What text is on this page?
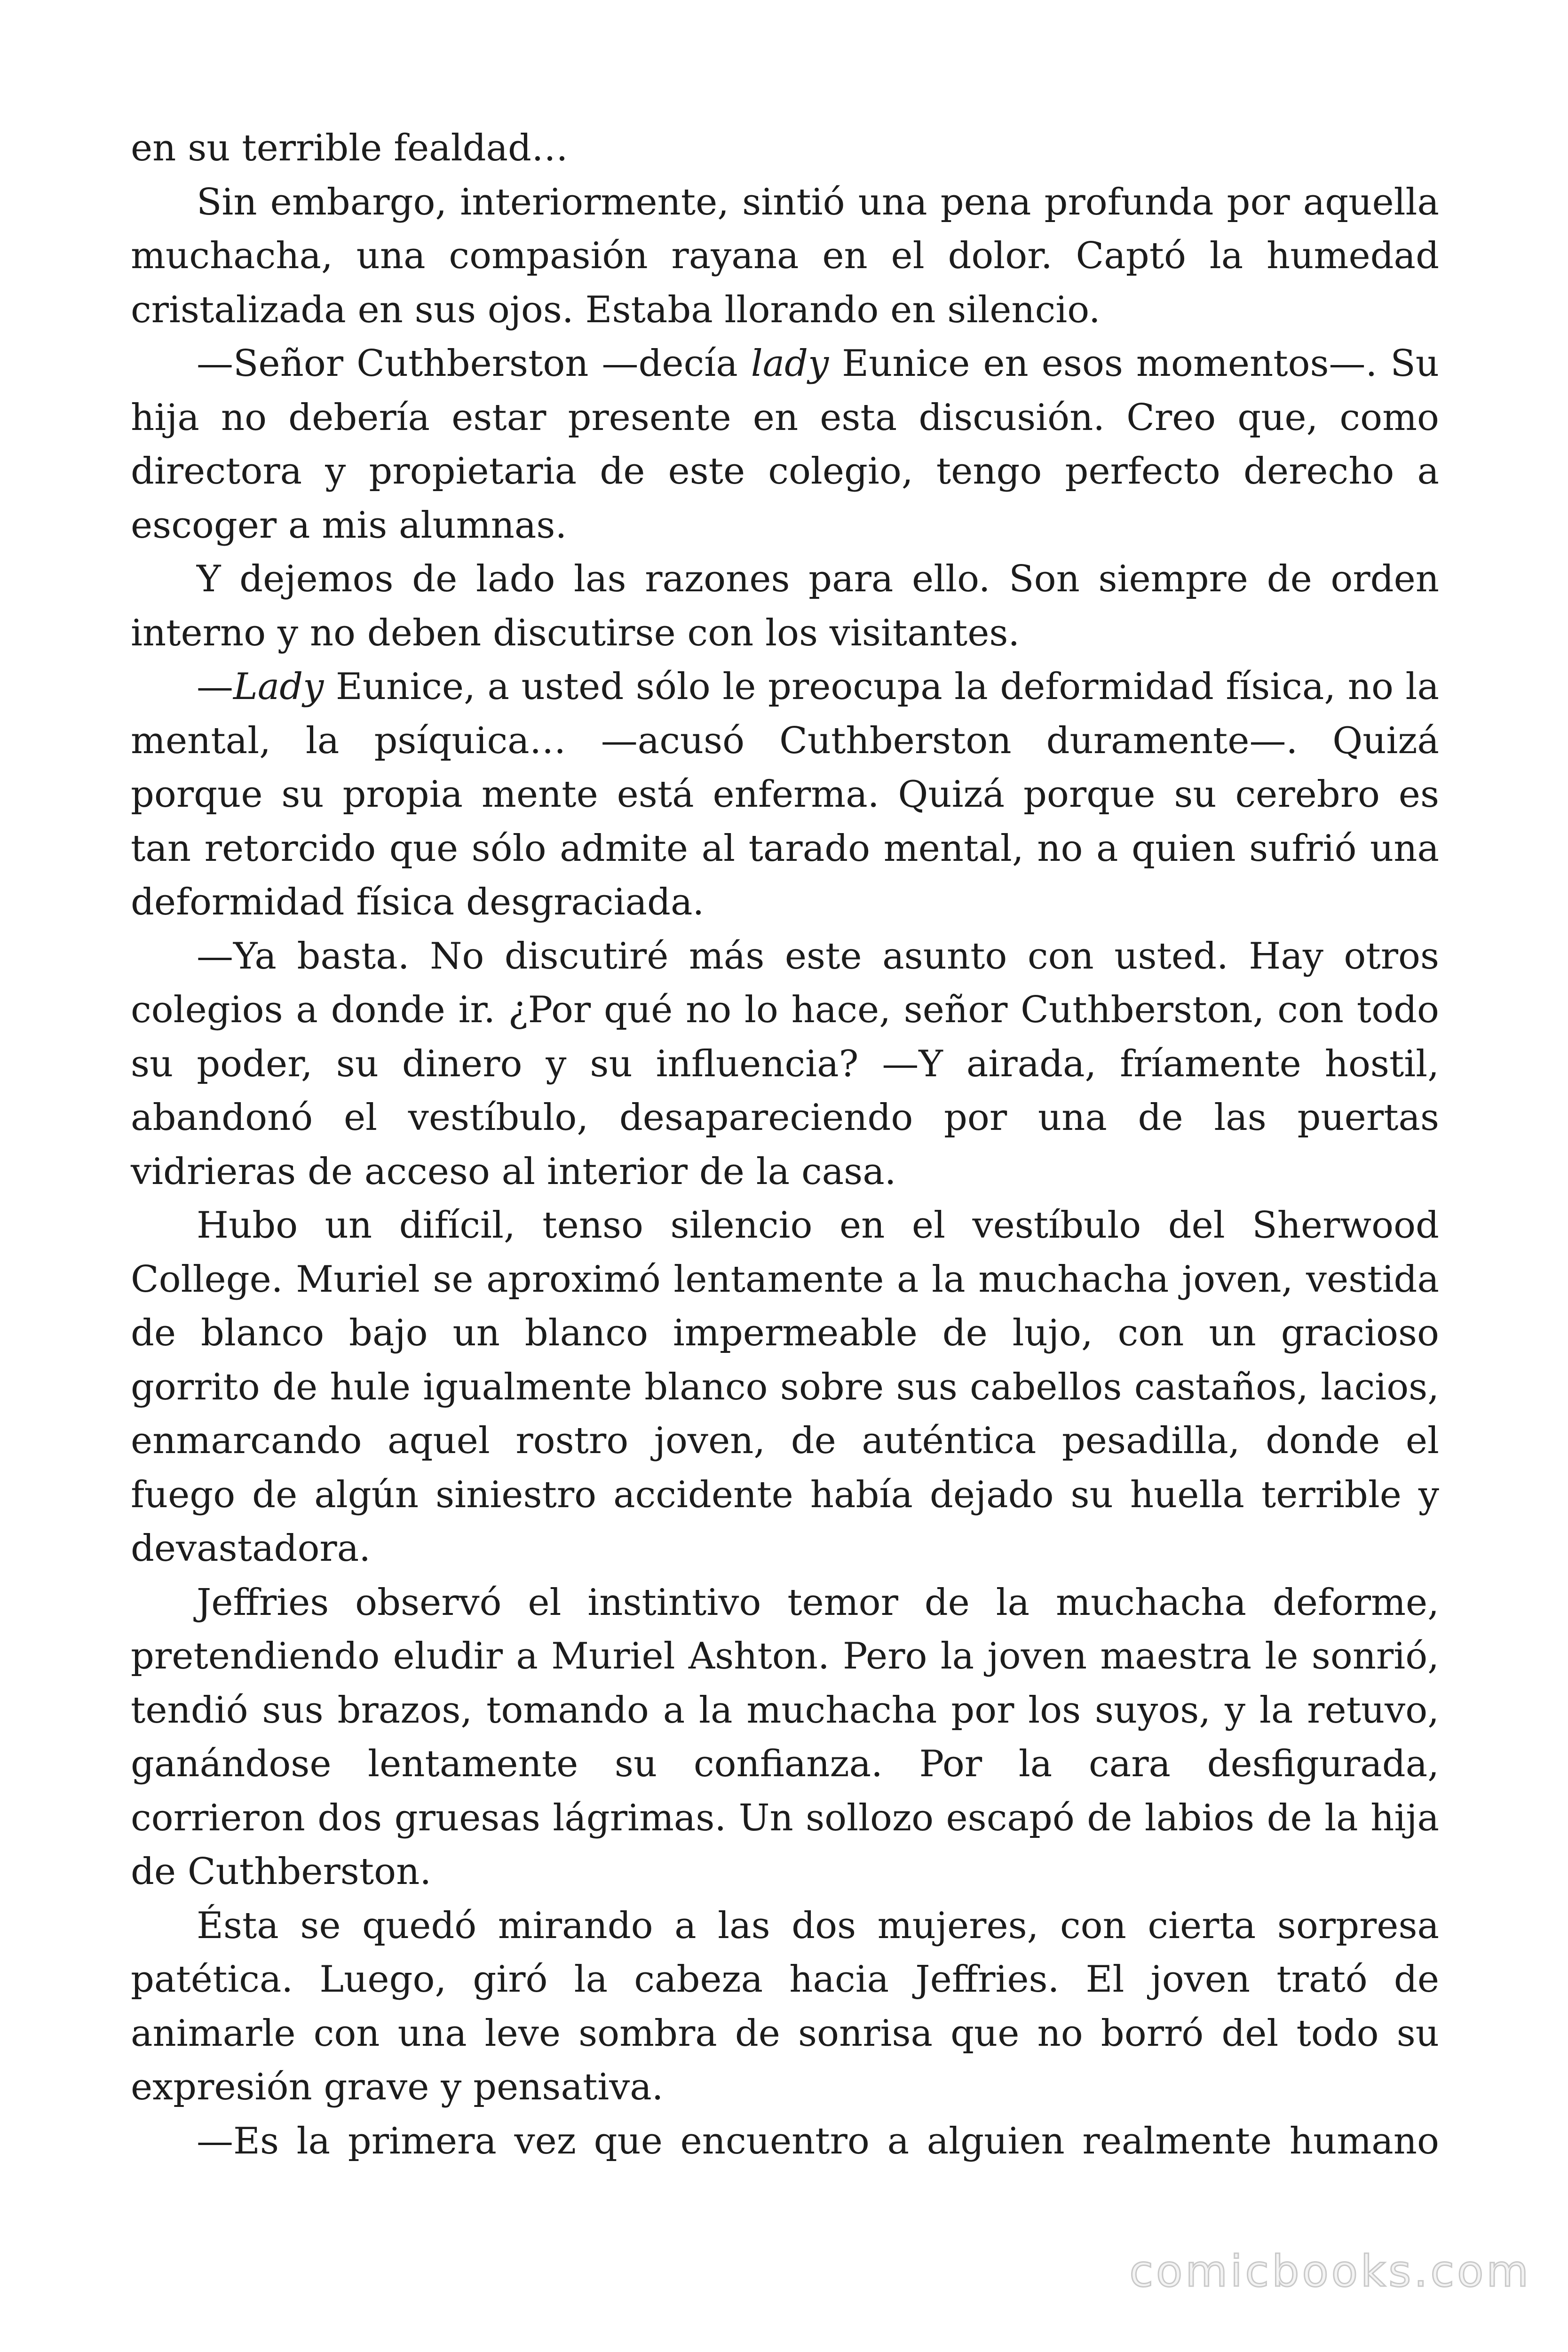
en su terrible fealdad…

Sin embargo, interiormente, sintió una pena profunda por aquella muchacha, una compasión rayana en el dolor. Captó la humedad cristalizada en sus ojos. Estaba llorando en silencio.

—Señor Cuthberston —decía lady Eunice en esos momentos—. Su hija no debería estar presente en esta discusión. Creo que, como directora y propietaria de este colegio, tengo perfecto derecho a escoger a mis alumnas.

Y dejemos de lado las razones para ello. Son siempre de orden interno y no deben discutirse con los visitantes.

—Lady Eunice, a usted sólo le preocupa la deformidad física, no la mental, la psíquica… —acusó Cuthberston duramente—. Quizá porque su propia mente está enferma. Quizá porque su cerebro es tan retorcido que sólo admite al tarado mental, no a quien sufrió una deformidad física desgraciada.

—Ya basta. No discutiré más este asunto con usted. Hay otros colegios a donde ir. ¿Por qué no lo hace, señor Cuthberston, con todo su poder, su dinero y su influencia? —Y airada, fríamente hostil, abandonó el vestíbulo, desapareciendo por una de las puertas vidrieras de acceso al interior de la casa.

Hubo un difícil, tenso silencio en el vestíbulo del Sherwood College. Muriel se aproximó lentamente a la muchacha joven, vestida de blanco bajo un blanco impermeable de lujo, con un gracioso gorrito de hule igualmente blanco sobre sus cabellos castaños, lacios, enmarcando aquel rostro joven, de auténtica pesadilla, donde el fuego de algún siniestro accidente había dejado su huella terrible y devastadora.

Jeffries observó el instintivo temor de la muchacha deforme, pretendiendo eludir a Muriel Ashton. Pero la joven maestra le sonrió, tendió sus brazos, tomando a la muchacha por los suyos, y la retuvo, ganándose lentamente su confianza. Por la cara desfigurada, corrieron dos gruesas lágrimas. Un sollozo escapó de labios de la hija de Cuthberston.

Ésta se quedó mirando a las dos mujeres, con cierta sorpresa patética. Luego, giró la cabeza hacia Jeffries. El joven trató de animarle con una leve sombra de sonrisa que no borró del todo su expresión grave y pensativa.

—Es la primera vez que encuentro a alguien realmente humano

comicbooks.com
